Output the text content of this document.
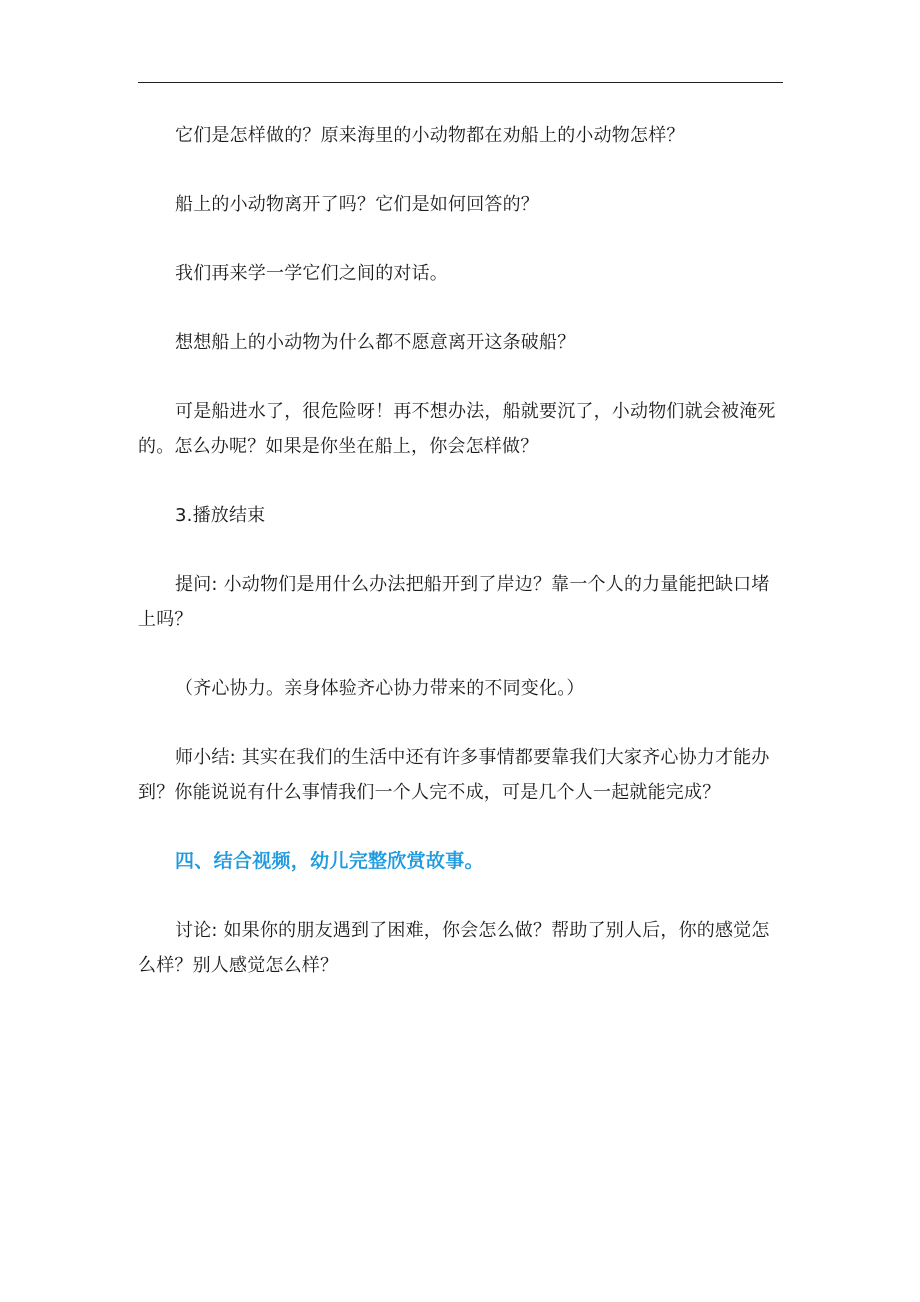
它们是怎样做的？原来海里的小动物都在劝船上的小动物怎样？

船上的小动物离开了吗？它们是如何回答的？

我们再来学一学它们之间的对话。

想想船上的小动物为什么都不愿意离开这条破船？

可是船进水了，很危险呀！再不想办法，船就要沉了，小动物们就会被淹死的。怎么办呢？如果是你坐在船上，你会怎样做？

3.播放结束

提问: 小动物们是用什么办法把船开到了岸边？靠一个人的力量能把缺口堵上吗？

（齐心协力。亲身体验齐心协力带来的不同变化。）

师小结: 其实在我们的生活中还有许多事情都要靠我们大家齐心协力才能办到？你能说说有什么事情我们一个人完不成，可是几个人一起就能完成？

四、结合视频，幼儿完整欣赏故事。

讨论: 如果你的朋友遇到了困难，你会怎么做？帮助了别人后，你的感觉怎么样？别人感觉怎么样？
